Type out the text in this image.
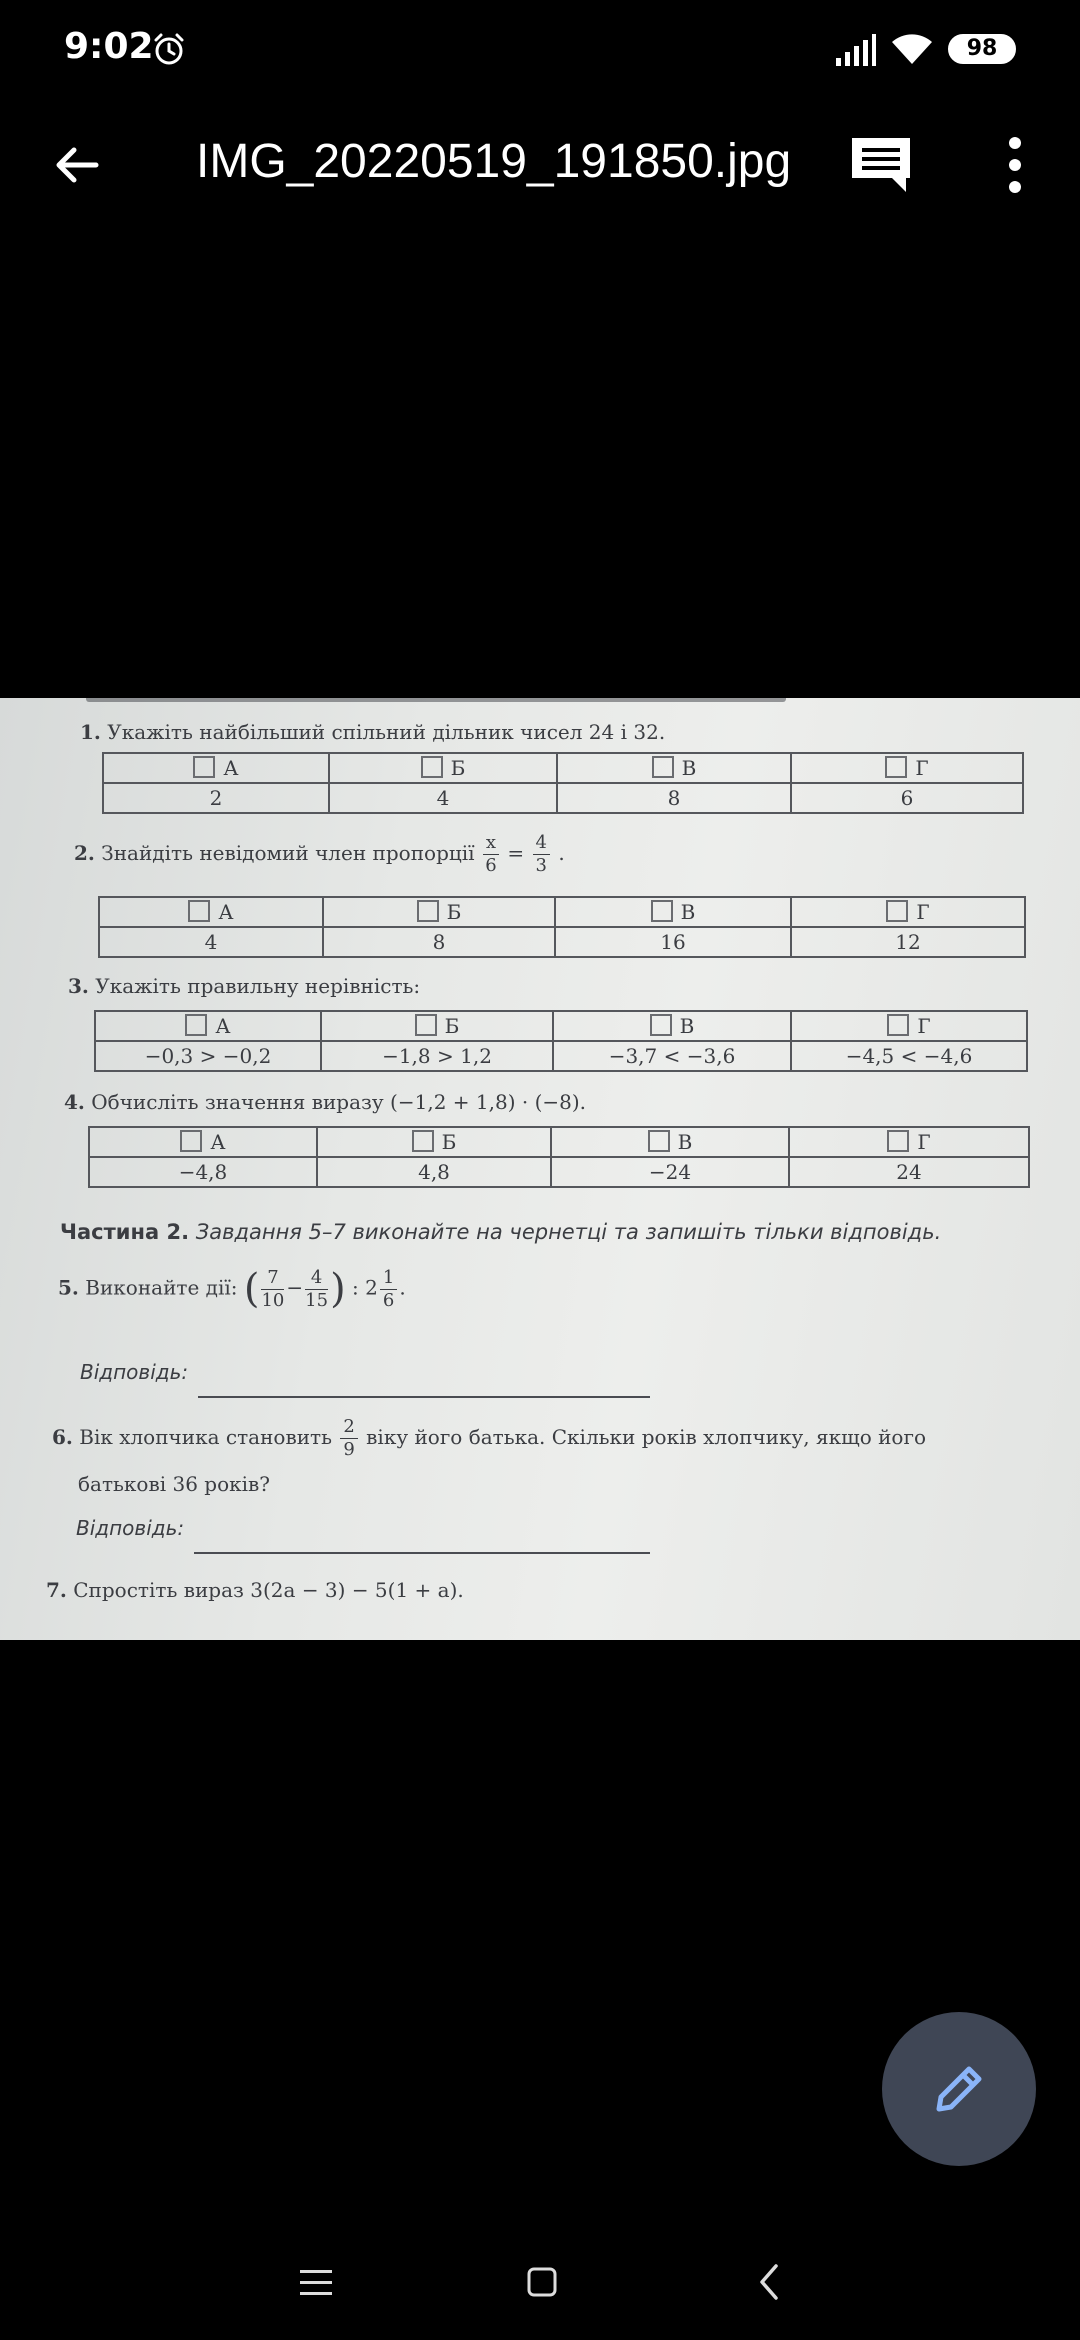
9:02	98
IMG_20220519_191850.jpg
1. Укажіть найбільший спільний дільник чисел 24 і 32.
А	Б	В	Г
2	4	8	6
2. Знайдіть невідомий член пропорції $\frac{x}{6} = \frac{4}{3}$ .
А	Б	В	Г
4	8	16	12
3. Укажіть правильну нерівність:
А	Б	В	Г
−0,3 > −0,2	−1,8 > 1,2	−3,7 < −3,6	−4,5 < −4,6
4. Обчисліть значення виразу (−1,2 + 1,8) · (−8).
А	Б	В	Г
−4,8	4,8	−24	24
Частина 2. Завдання 5–7 виконайте на чернетці та запишіть тільки відповідь.
5. Виконайте дії: ( $\frac{7}{10} - \frac{4}{15}$ ) : $2 \frac{1}{6}$ .
Відповідь:
6. Вік хлопчика становить $\frac{2}{9}$ віку його батька. Скільки років хлопчику, якщо його
батькові 36 років?
Відповідь:
7. Спростіть вираз 3(2a − 3) − 5(1 + a).
